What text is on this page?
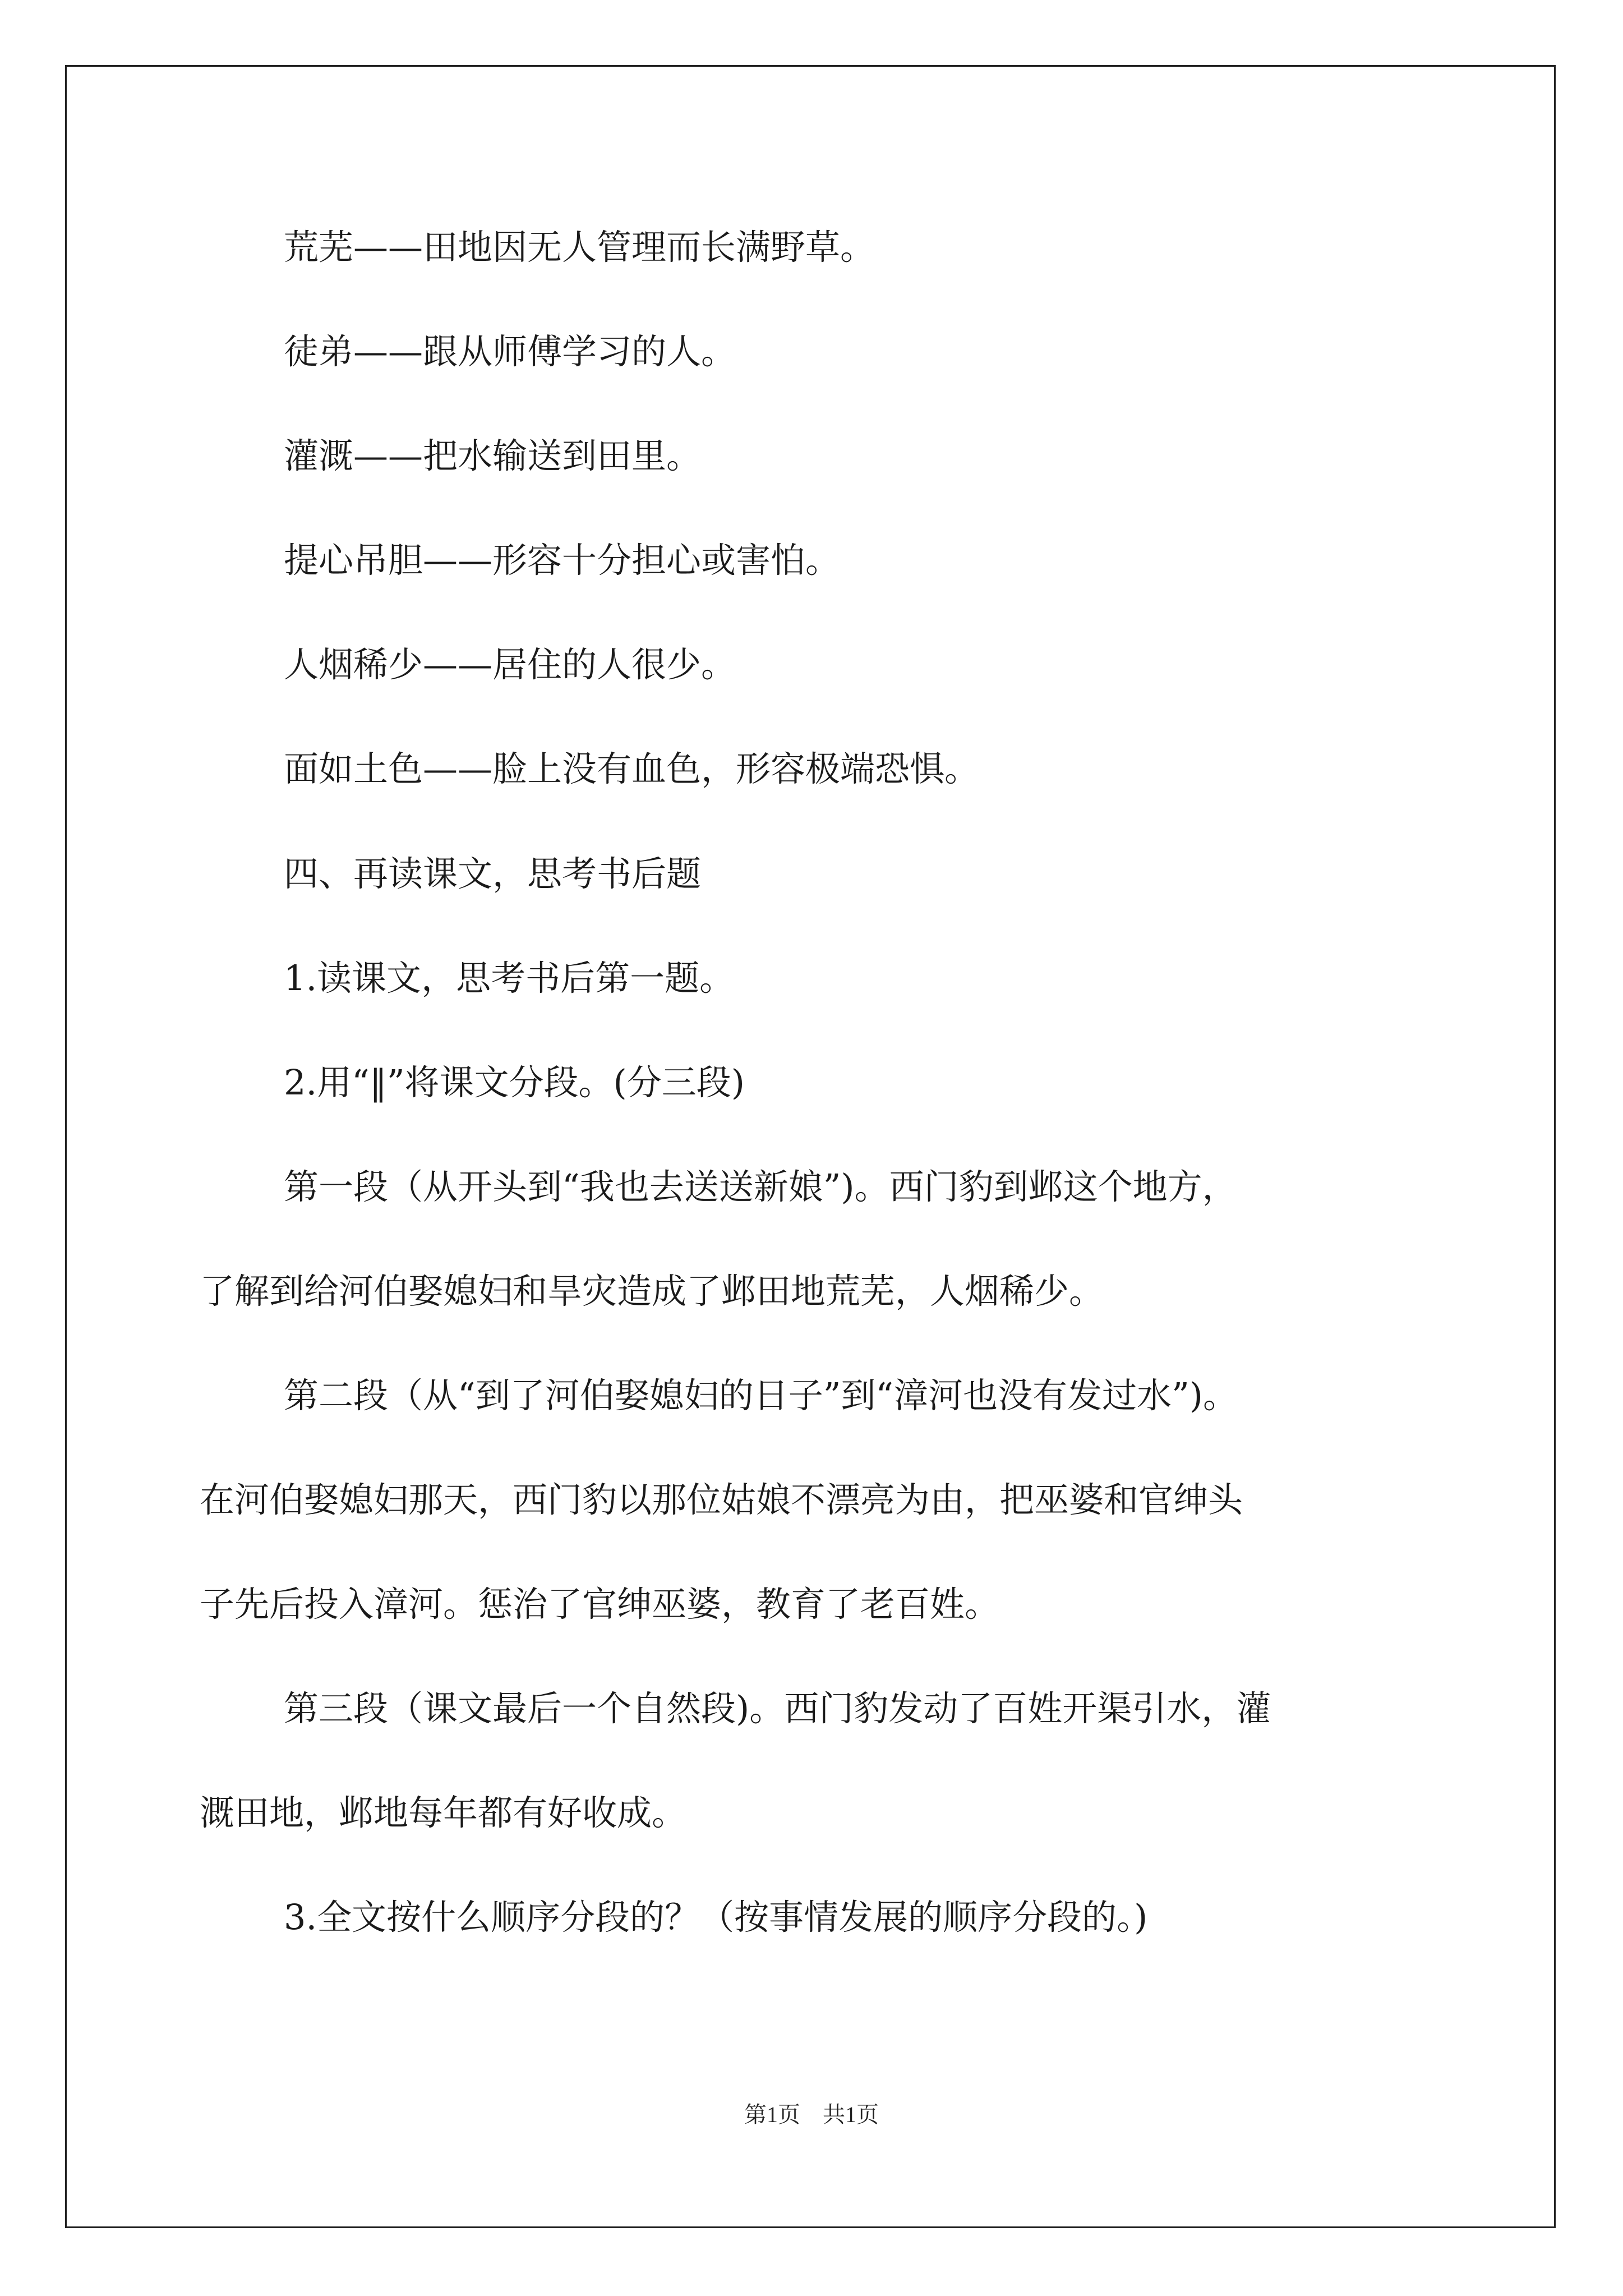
荒芜——田地因无人管理而长满野草。
徒弟——跟从师傅学习的人。
灌溉——把水输送到田里。
提心吊胆——形容十分担心或害怕。
人烟稀少——居住的人很少。
面如土色——脸上没有血色，形容极端恐惧。
四、再读课文，思考书后题
1.读课文，思考书后第一题。
2.用“‖”将课文分段。(分三段)
第一段（从开头到“我也去送送新娘”)。西门豹到邺这个地方，
了解到给河伯娶媳妇和旱灾造成了邺田地荒芜，人烟稀少。
第二段（从“到了河伯娶媳妇的日子”到“漳河也没有发过水”)。
在河伯娶媳妇那天，西门豹以那位姑娘不漂亮为由，把巫婆和官绅头
子先后投入漳河。惩治了官绅巫婆，教育了老百姓。
第三段（课文最后一个自然段)。西门豹发动了百姓开渠引水，灌
溉田地，邺地每年都有好收成。
3.全文按什么顺序分段的？（按事情发展的顺序分段的。)
第1页　共1页
